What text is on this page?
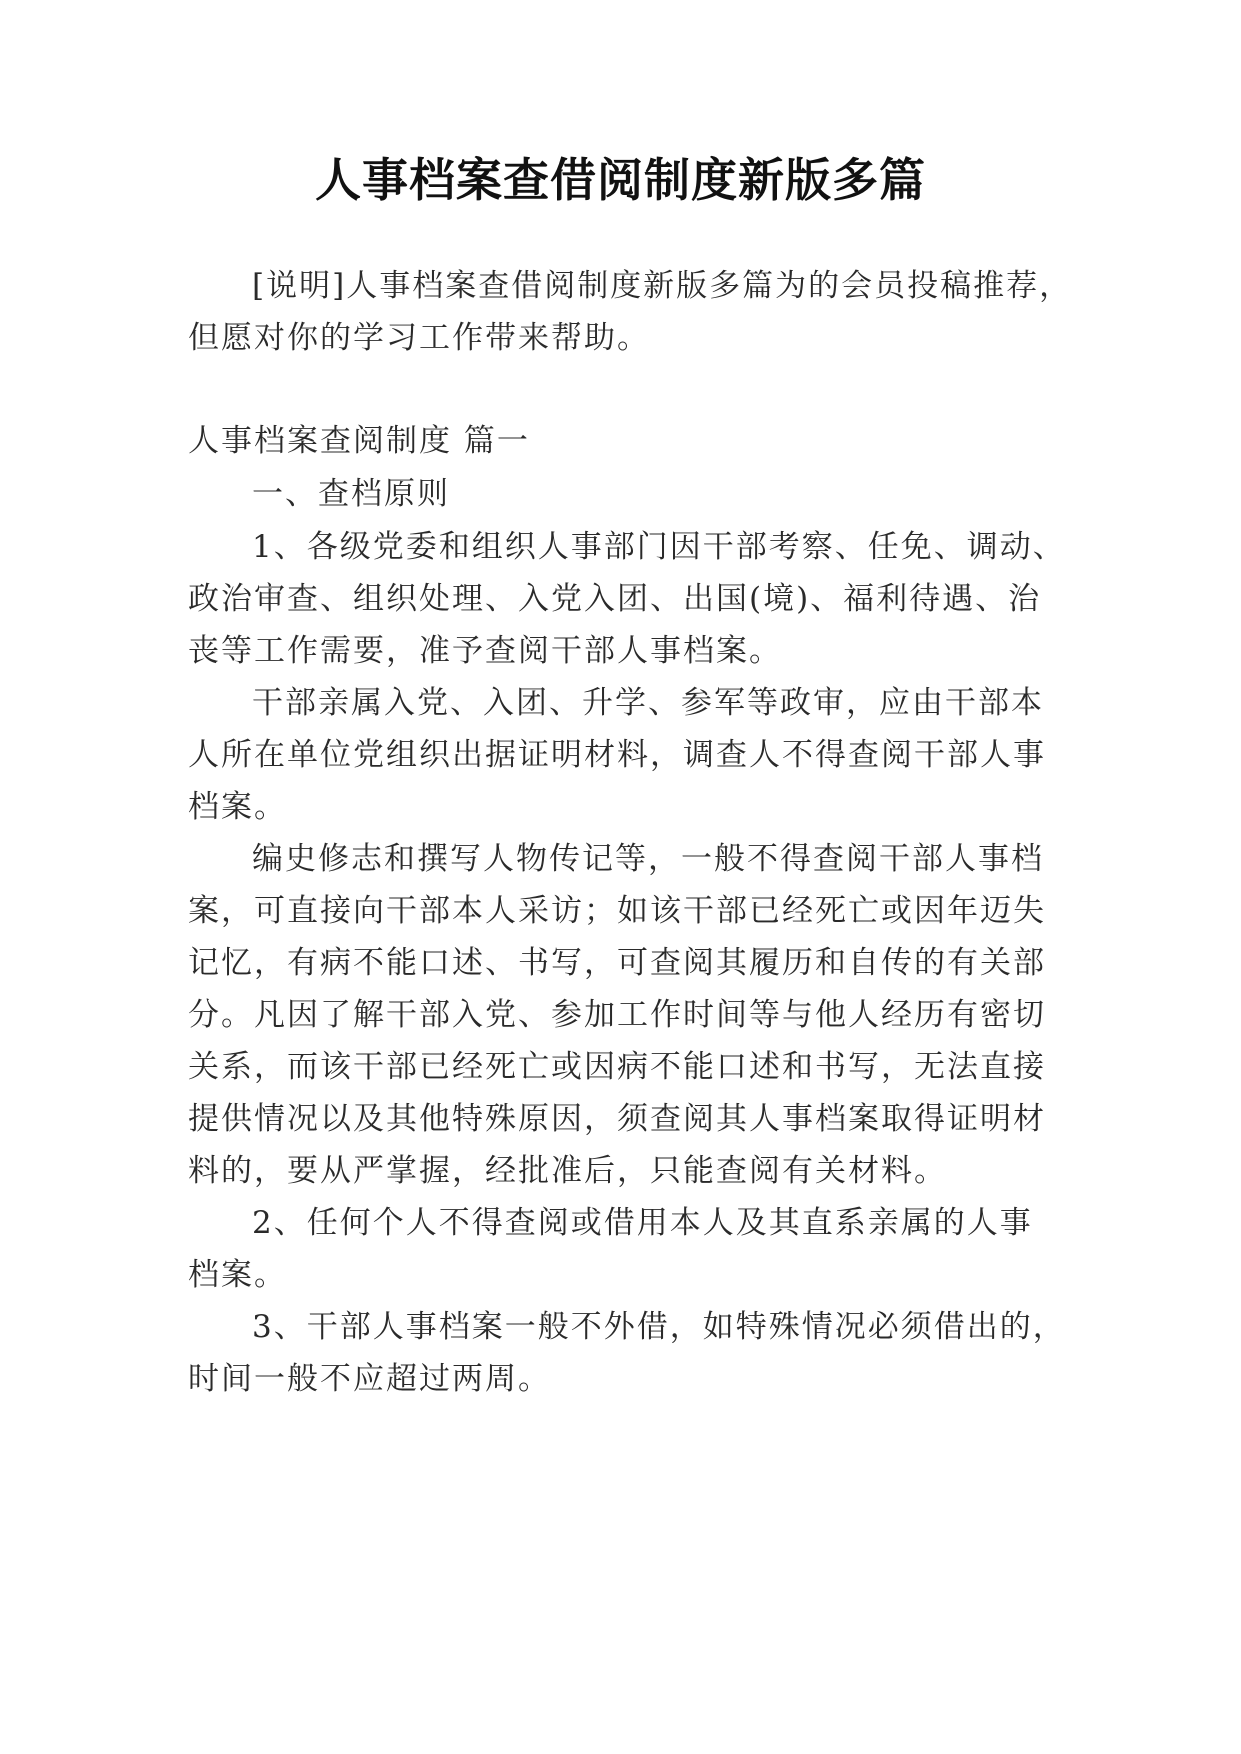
人事档案查借阅制度新版多篇
[说明]人事档案查借阅制度新版多篇为的会员投稿推荐，
但愿对你的学习工作带来帮助。
人事档案查阅制度 篇一
一、查档原则
1、各级党委和组织人事部门因干部考察、任免、调动、
政治审查、组织处理、入党入团、出国(境)、福利待遇、治
丧等工作需要，准予查阅干部人事档案。
干部亲属入党、入团、升学、参军等政审，应由干部本
人所在单位党组织出据证明材料，调查人不得查阅干部人事
档案。
编史修志和撰写人物传记等，一般不得查阅干部人事档
案，可直接向干部本人采访；如该干部已经死亡或因年迈失
记忆，有病不能口述、书写，可查阅其履历和自传的有关部
分。凡因了解干部入党、参加工作时间等与他人经历有密切
关系，而该干部已经死亡或因病不能口述和书写，无法直接
提供情况以及其他特殊原因，须查阅其人事档案取得证明材
料的，要从严掌握，经批准后，只能查阅有关材料。
2、任何个人不得查阅或借用本人及其直系亲属的人事
档案。
3、干部人事档案一般不外借，如特殊情况必须借出的，
时间一般不应超过两周。
